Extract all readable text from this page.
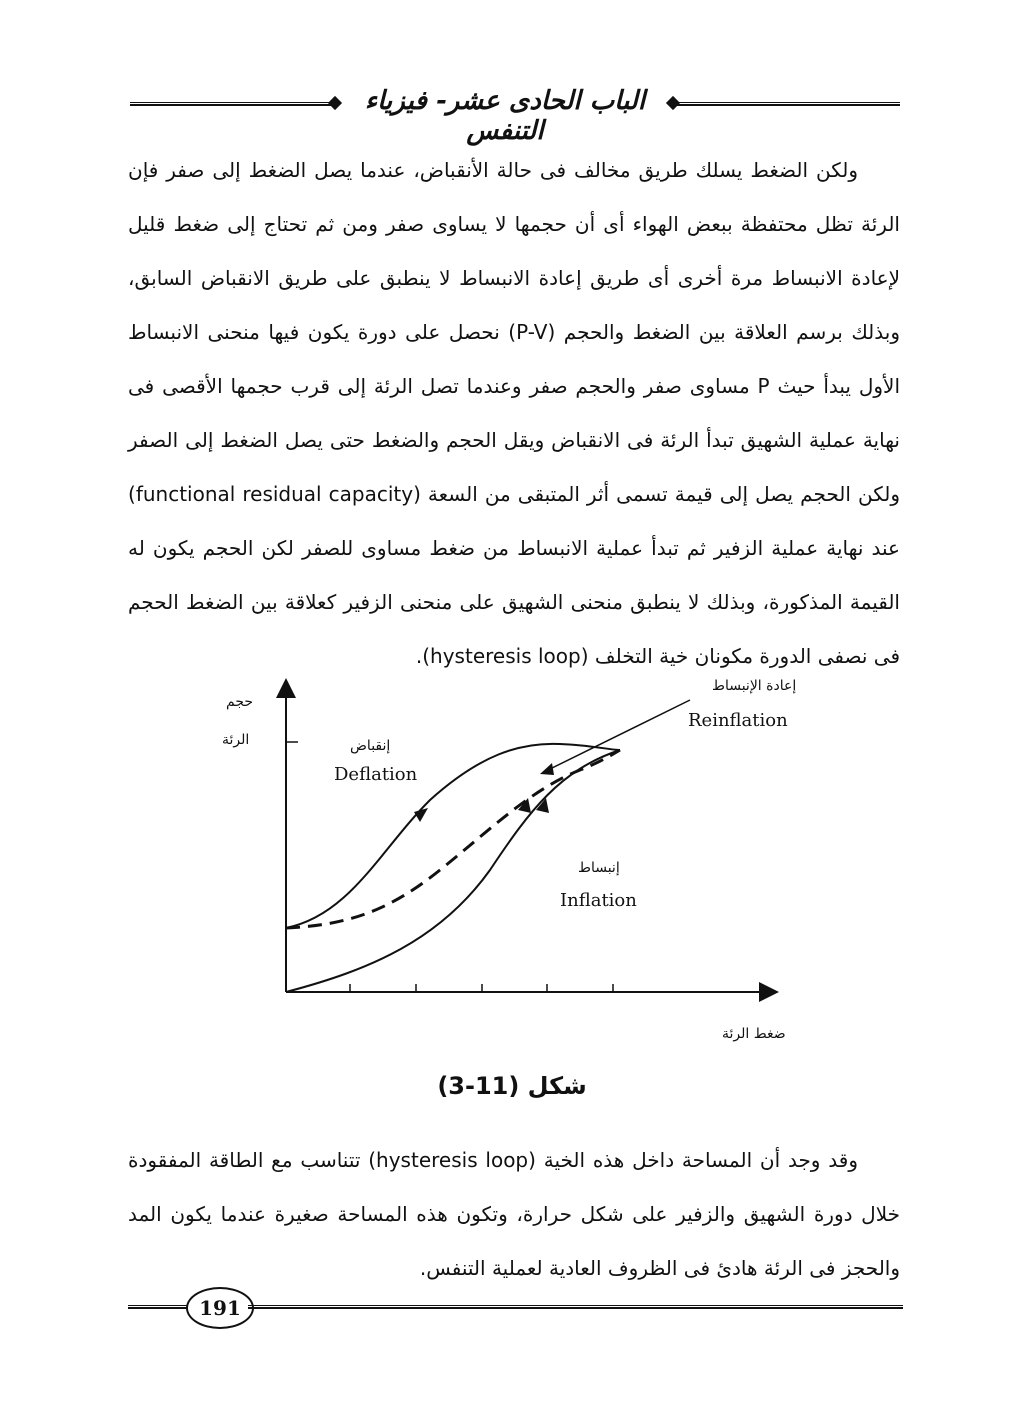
الباب الحادى عشر- فيزياء التنفس
ولكن الضغط يسلك طريق مخالف فى حالة الأنقباض، عندما يصل الضغط إلى صفر فإن الرئة تظل محتفظة ببعض الهواء أى أن حجمها لا يساوى صفر ومن ثم تحتاج إلى ضغط قليل لإعادة الانبساط مرة أخرى أى طريق إعادة الانبساط لا ينطبق على طريق الانقباض السابق، وبذلك برسم العلاقة بين الضغط والحجم (P-V) نحصل على دورة يكون فيها منحنى الانبساط الأول يبدأ حيث P مساوى صفر والحجم صفر وعندما تصل الرئة إلى قرب حجمها الأقصى فى نهاية عملية الشهيق تبدأ الرئة فى الانقباض ويقل الحجم والضغط حتى يصل الضغط إلى الصفر ولكن الحجم يصل إلى قيمة تسمى أثر المتبقى من السعة (functional residual capacity) عند نهاية عملية الزفير ثم تبدأ عملية الانبساط من ضغط مساوى للصفر لكن الحجم يكون له القيمة المذكورة، وبذلك لا ينطبق منحنى الشهيق على منحنى الزفير كعلاقة بين الضغط الحجم فى نصفى الدورة مكونان خية التخلف (hysteresis loop).
حجم
الرئة
إعادة الإنبساط
Reinflation
إنقباض
Deflation
إنبساط
Inflation
ضغط الرئة
شكل (11-3)
وقد وجد أن المساحة داخل هذه الخية (hysteresis loop) تتناسب مع الطاقة المفقودة خلال دورة الشهيق والزفير على شكل حرارة، وتكون هذه المساحة صغيرة عندما يكون المد والحجز فى الرئة هادئ فى الظروف العادية لعملية التنفس.
191
